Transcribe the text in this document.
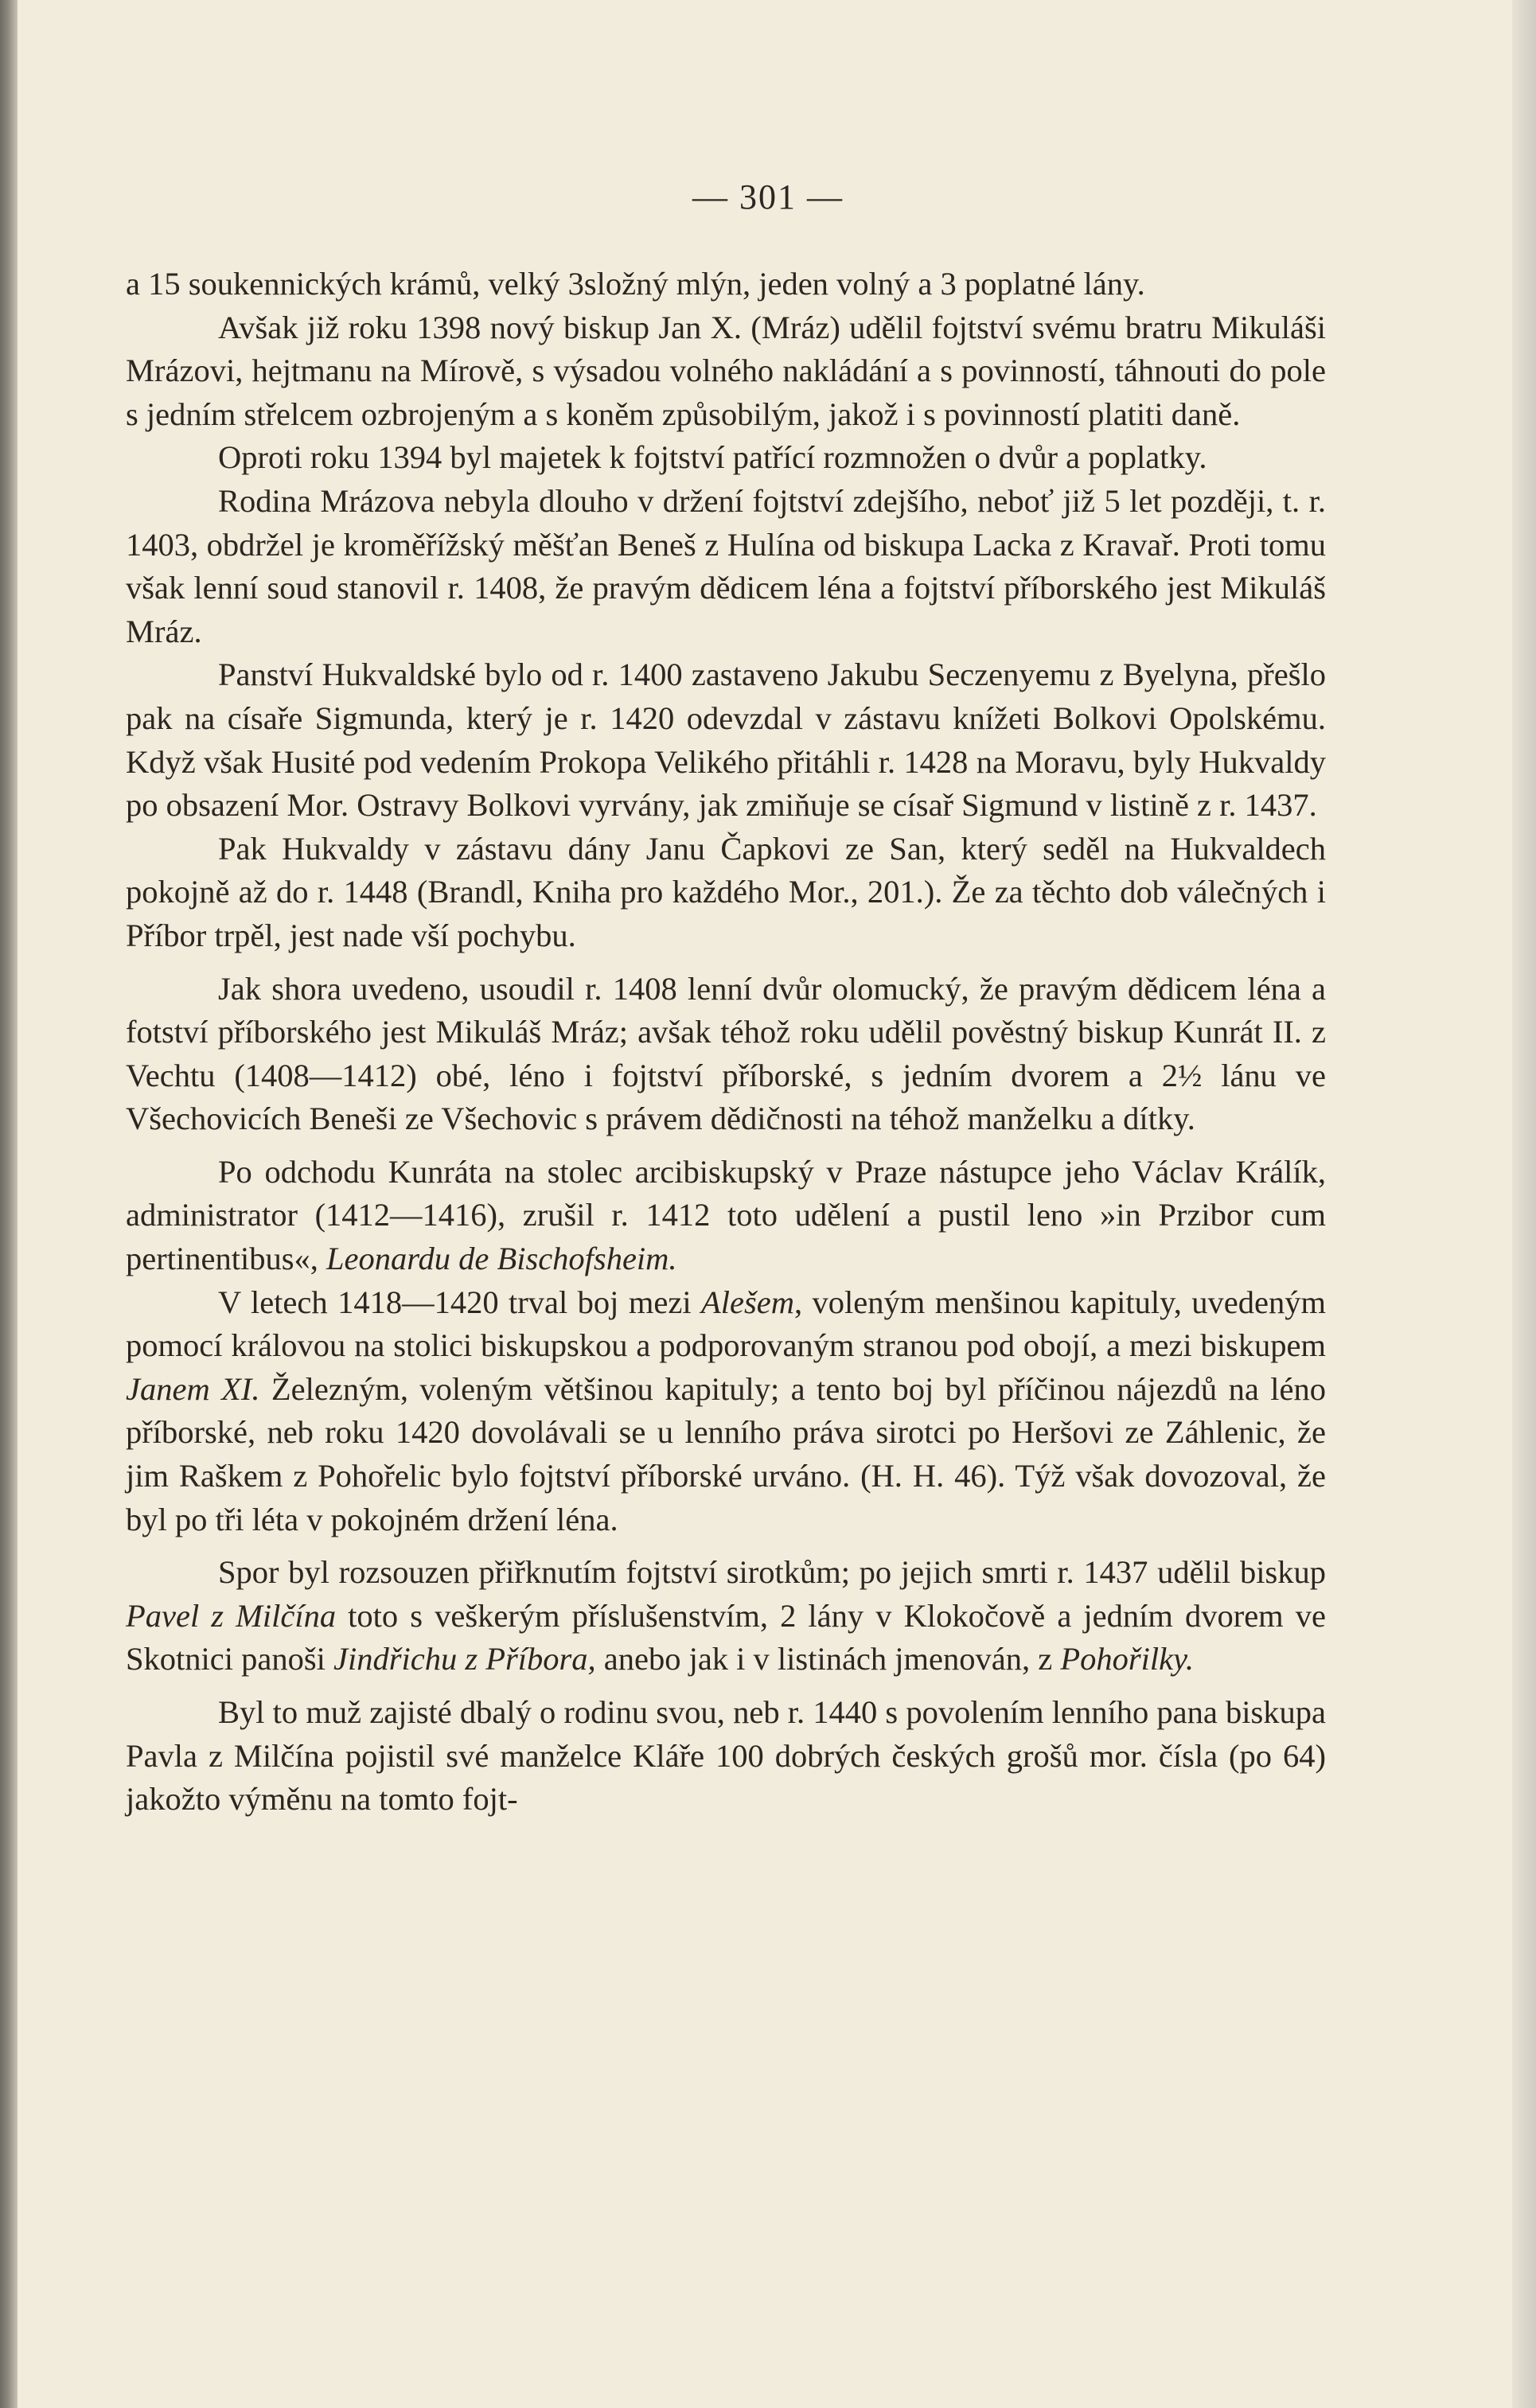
— 301 —

a 15 soukennických krámů, velký 3složný mlýn, jeden volný a 3 poplatné lány.

Avšak již roku 1398 nový biskup Jan X. (Mráz) udělil fojtství svému bratru Mikuláši Mrázovi, hejtmanu na Mírově, s výsadou volného nakládání a s povinností, táhnouti do pole s jedním střelcem ozbrojeným a s koněm způsobilým, jakož i s povinností platiti daně.

Oproti roku 1394 byl majetek k fojtství patřící rozmnožen o dvůr a poplatky.

Rodina Mrázova nebyla dlouho v držení fojtství zdejšího, neboť již 5 let později, t. r. 1403, obdržel je kroměřížský měšťan Beneš z Hulína od biskupa Lacka z Kravař. Proti tomu však lenní soud stanovil r. 1408, že pravým dědicem léna a fojtství příborského jest Mikuláš Mráz.

Panství Hukvaldské bylo od r. 1400 zastaveno Jakubu Seczenyemu z Byelyna, přešlo pak na císaře Sigmunda, který je r. 1420 odevzdal v zástavu knížeti Bolkovi Opolskému. Když však Husité pod vedením Prokopa Velikého přitáhli r. 1428 na Moravu, byly Hukvaldy po obsazení Mor. Ostravy Bolkovi vyrvány, jak zmiňuje se císař Sigmund v listině z r. 1437.

Pak Hukvaldy v zástavu dány Janu Čapkovi ze San, který seděl na Hukvaldech pokojně až do r. 1448 (Brandl, Kniha pro každého Mor., 201.). Že za těchto dob válečných i Příbor trpěl, jest nade vší pochybu.

Jak shora uvedeno, usoudil r. 1408 lenní dvůr olomucký, že pravým dědicem léna a fotství příborského jest Mikuláš Mráz; avšak téhož roku udělil pověstný biskup Kunrát II. z Vechtu (1408—1412) obé, léno i fojtství příborské, s jedním dvorem a 2½ lánu ve Všechovicích Beneši ze Všechovic s právem dědičnosti na téhož manželku a dítky.

Po odchodu Kunráta na stolec arcibiskupský v Praze nástupce jeho Václav Králík, administrator (1412—1416), zrušil r. 1412 toto udělení a pustil leno »in Przibor cum pertinentibus«, Leonardu de Bischofsheim.

V letech 1418—1420 trval boj mezi Alešem, voleným menšinou kapituly, uvedeným pomocí královou na stolici biskupskou a podporovaným stranou pod obojí, a mezi biskupem Janem XI. Železným, voleným většinou kapituly; a tento boj byl příčinou nájezdů na léno příborské, neb roku 1420 dovolávali se u lenního práva sirotci po Heršovi ze Záhlenic, že jim Raškem z Pohořelic bylo fojtství příborské urváno. (H. H. 46). Týž však dovozoval, že byl po tři léta v pokojném držení léna.

Spor byl rozsouzen přiřknutím fojtství sirotkům; po jejich smrti r. 1437 udělil biskup Pavel z Milčína toto s veškerým příslušenstvím, 2 lány v Klokočově a jedním dvorem ve Skotnici panoši Jindřichu z Příbora, anebo jak i v listinách jmenován, z Pohořilky.

Byl to muž zajisté dbalý o rodinu svou, neb r. 1440 s povolením lenního pana biskupa Pavla z Milčína pojistil své manželce Kláře 100 dobrých českých grošů mor. čísla (po 64) jakožto výměnu na tomto fojt-
